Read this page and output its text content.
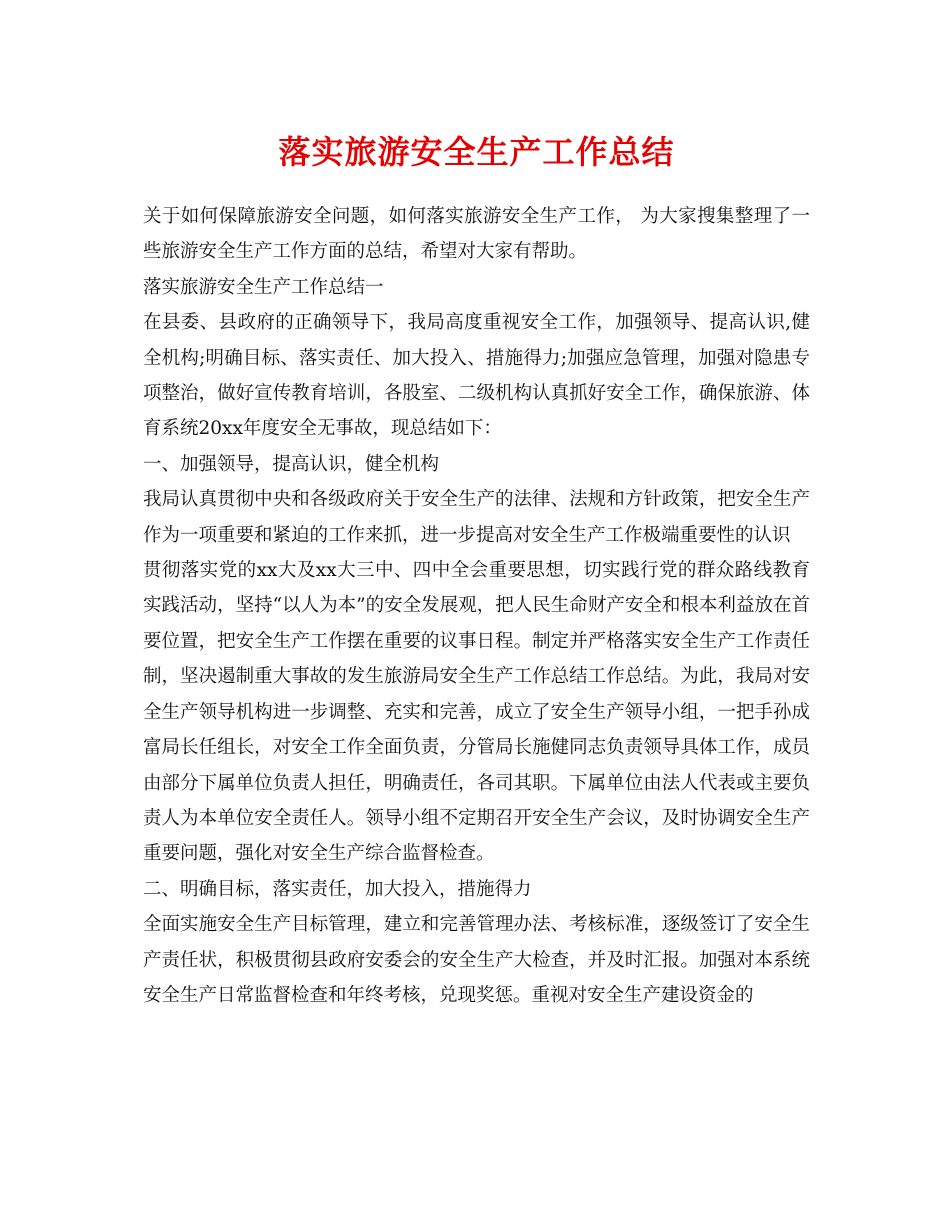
落实旅游安全生产工作总结

关于如何保障旅游安全问题，如何落实旅游安全生产工作， 为大家搜集整理了一些旅游安全生产工作方面的总结，希望对大家有帮助。

落实旅游安全生产工作总结一

在县委、县政府的正确领导下，我局高度重视安全工作，加强领导、提高认识,健全机构;明确目标、落实责任、加大投入、措施得力;加强应急管理，加强对隐患专项整治，做好宣传教育培训，各股室、二级机构认真抓好安全工作，确保旅游、体育系统20xx年度安全无事故，现总结如下：

一、加强领导，提高认识，健全机构

我局认真贯彻中央和各级政府关于安全生产的法律、法规和方针政策，把安全生产作为一项重要和紧迫的工作来抓，进一步提高对安全生产工作极端重要性的认识

贯彻落实党的xx大及xx大三中、四中全会重要思想，切实践行党的群众路线教育实践活动，坚持“以人为本”的安全发展观，把人民生命财产安全和根本利益放在首要位置，把安全生产工作摆在重要的议事日程。制定并严格落实安全生产工作责任制，坚决遏制重大事故的发生旅游局安全生产工作总结工作总结。为此，我局对安全生产领导机构进一步调整、充实和完善，成立了安全生产领导小组，一把手孙成富局长任组长，对安全工作全面负责，分管局长施健同志负责领导具体工作，成员由部分下属单位负责人担任，明确责任，各司其职。下属单位由法人代表或主要负责人为本单位安全责任人。领导小组不定期召开安全生产会议，及时协调安全生产重要问题，强化对安全生产综合监督检查。

二、明确目标，落实责任，加大投入，措施得力

全面实施安全生产目标管理，建立和完善管理办法、考核标准，逐级签订了安全生产责任状，积极贯彻县政府安委会的安全生产大检查，并及时汇报。加强对本系统安全生产日常监督检查和年终考核，兑现奖惩。重视对安全生产建设资金的
